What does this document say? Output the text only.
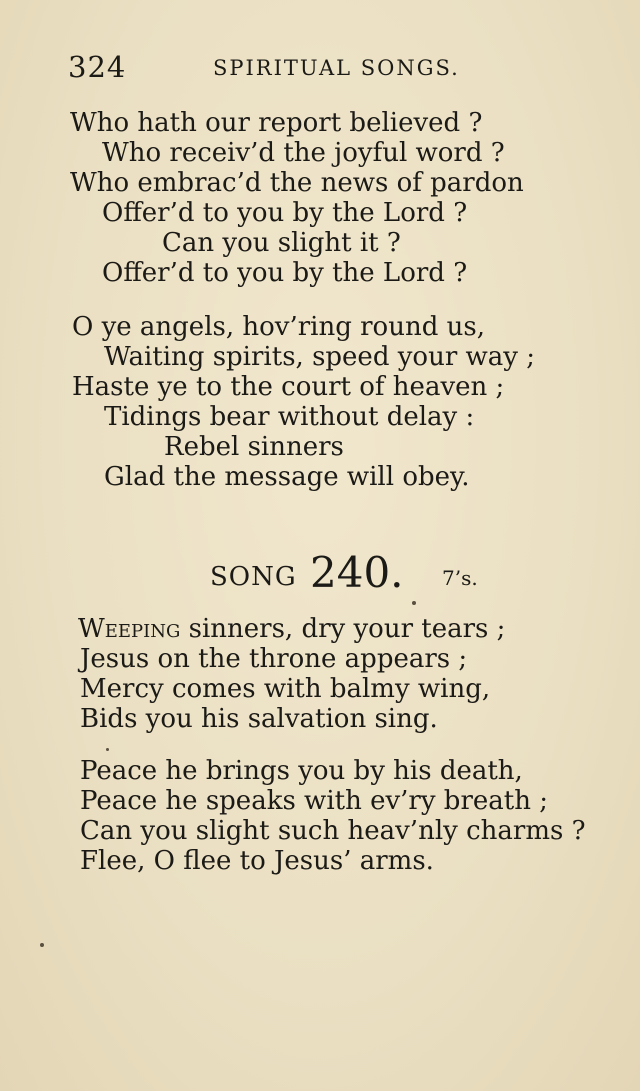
324	SPIRITUAL SONGS.
Who hath our report believed ?
Who receiv’d the joyful word ?
Who embrac’d the news of pardon
Offer’d to you by the Lord ?
Can you slight it ?
Offer’d to you by the Lord ?
O ye angels, hov’ring round us,
Waiting spirits, speed your way ;
Haste ye to the court of heaven ;
Tidings bear without delay :
Rebel sinners
Glad the message will obey.
SONG 240. 7’s.
Weeping sinners, dry your tears ;
Jesus on the throne appears ;
Mercy comes with balmy wing,
Bids you his salvation sing.
Peace he brings you by his death,
Peace he speaks with ev’ry breath ;
Can you slight such heav’nly charms ?
Flee, O flee to Jesus’ arms.
